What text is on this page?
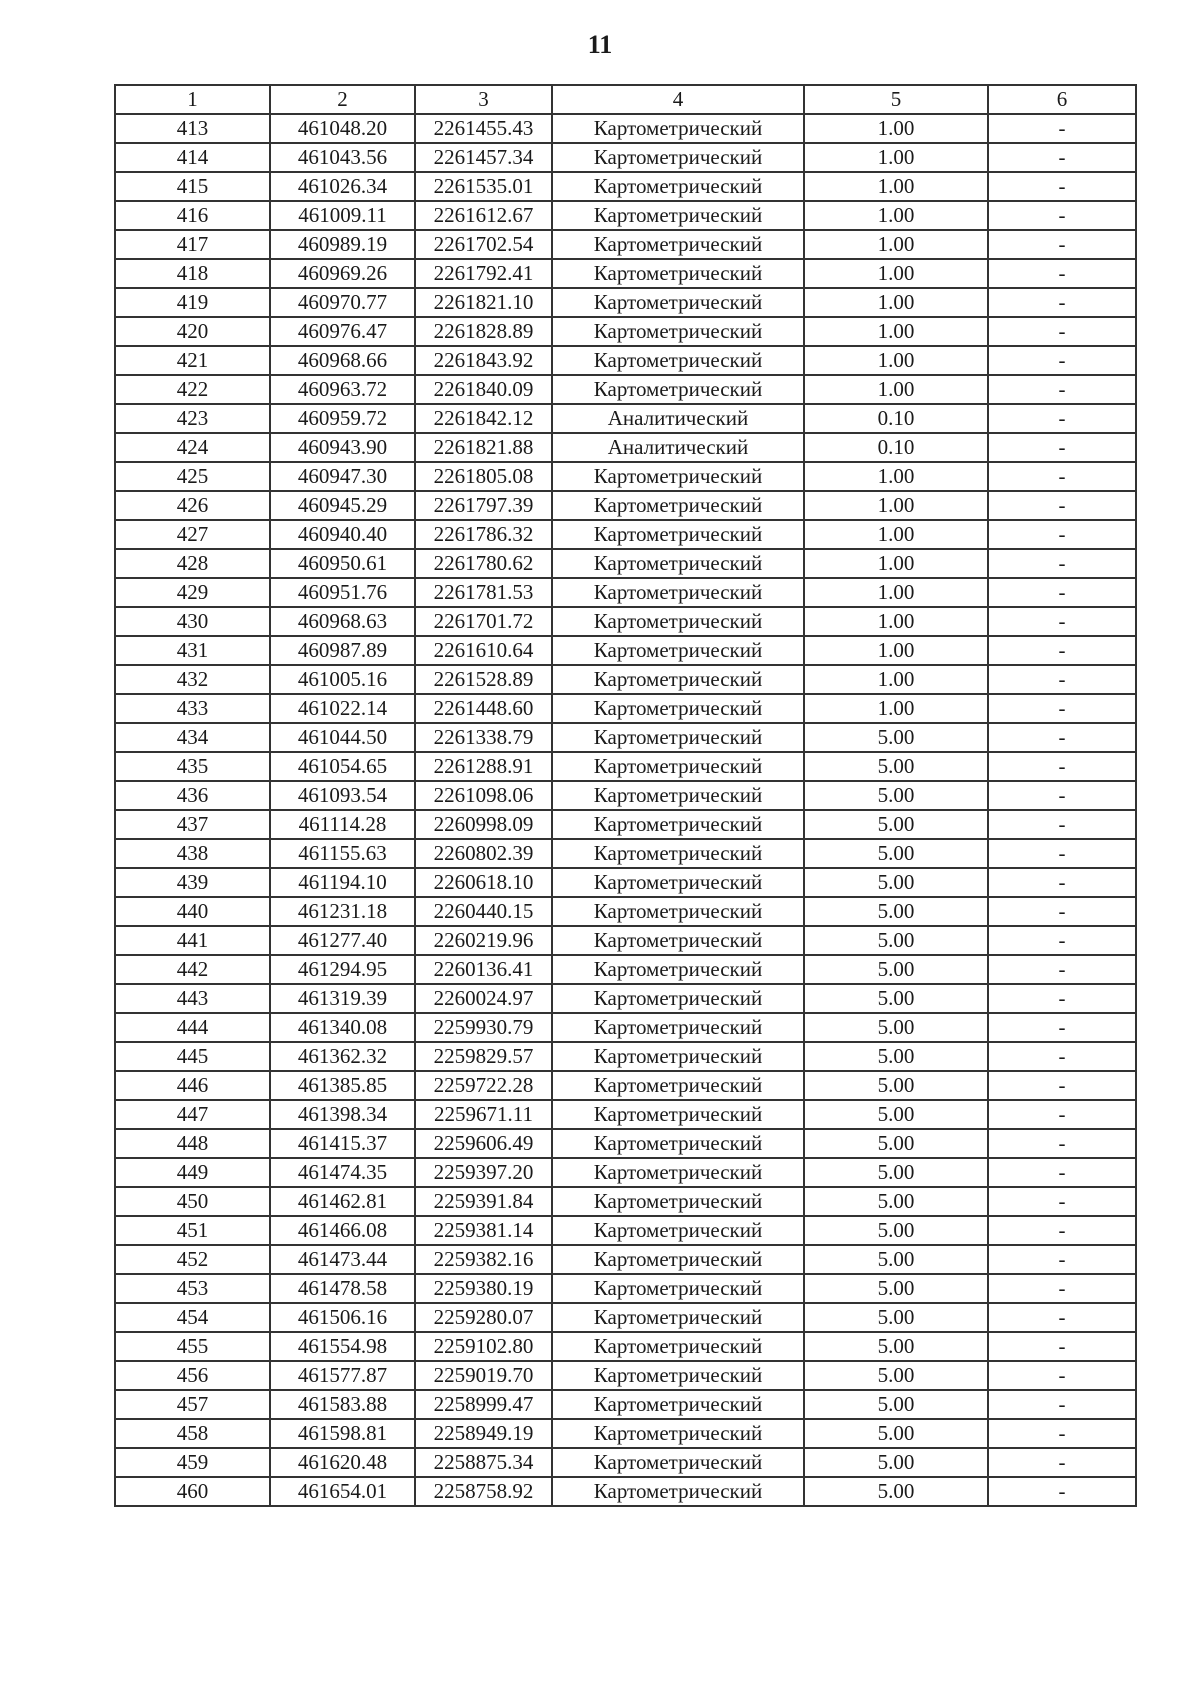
11
1	2	3	4	5	6
413	461048.20	2261455.43	Картометрический	1.00	-
414	461043.56	2261457.34	Картометрический	1.00	-
415	461026.34	2261535.01	Картометрический	1.00	-
416	461009.11	2261612.67	Картометрический	1.00	-
417	460989.19	2261702.54	Картометрический	1.00	-
418	460969.26	2261792.41	Картометрический	1.00	-
419	460970.77	2261821.10	Картометрический	1.00	-
420	460976.47	2261828.89	Картометрический	1.00	-
421	460968.66	2261843.92	Картометрический	1.00	-
422	460963.72	2261840.09	Картометрический	1.00	-
423	460959.72	2261842.12	Аналитический	0.10	-
424	460943.90	2261821.88	Аналитический	0.10	-
425	460947.30	2261805.08	Картометрический	1.00	-
426	460945.29	2261797.39	Картометрический	1.00	-
427	460940.40	2261786.32	Картометрический	1.00	-
428	460950.61	2261780.62	Картометрический	1.00	-
429	460951.76	2261781.53	Картометрический	1.00	-
430	460968.63	2261701.72	Картометрический	1.00	-
431	460987.89	2261610.64	Картометрический	1.00	-
432	461005.16	2261528.89	Картометрический	1.00	-
433	461022.14	2261448.60	Картометрический	1.00	-
434	461044.50	2261338.79	Картометрический	5.00	-
435	461054.65	2261288.91	Картометрический	5.00	-
436	461093.54	2261098.06	Картометрический	5.00	-
437	461114.28	2260998.09	Картометрический	5.00	-
438	461155.63	2260802.39	Картометрический	5.00	-
439	461194.10	2260618.10	Картометрический	5.00	-
440	461231.18	2260440.15	Картометрический	5.00	-
441	461277.40	2260219.96	Картометрический	5.00	-
442	461294.95	2260136.41	Картометрический	5.00	-
443	461319.39	2260024.97	Картометрический	5.00	-
444	461340.08	2259930.79	Картометрический	5.00	-
445	461362.32	2259829.57	Картометрический	5.00	-
446	461385.85	2259722.28	Картометрический	5.00	-
447	461398.34	2259671.11	Картометрический	5.00	-
448	461415.37	2259606.49	Картометрический	5.00	-
449	461474.35	2259397.20	Картометрический	5.00	-
450	461462.81	2259391.84	Картометрический	5.00	-
451	461466.08	2259381.14	Картометрический	5.00	-
452	461473.44	2259382.16	Картометрический	5.00	-
453	461478.58	2259380.19	Картометрический	5.00	-
454	461506.16	2259280.07	Картометрический	5.00	-
455	461554.98	2259102.80	Картометрический	5.00	-
456	461577.87	2259019.70	Картометрический	5.00	-
457	461583.88	2258999.47	Картометрический	5.00	-
458	461598.81	2258949.19	Картометрический	5.00	-
459	461620.48	2258875.34	Картометрический	5.00	-
460	461654.01	2258758.92	Картометрический	5.00	-
